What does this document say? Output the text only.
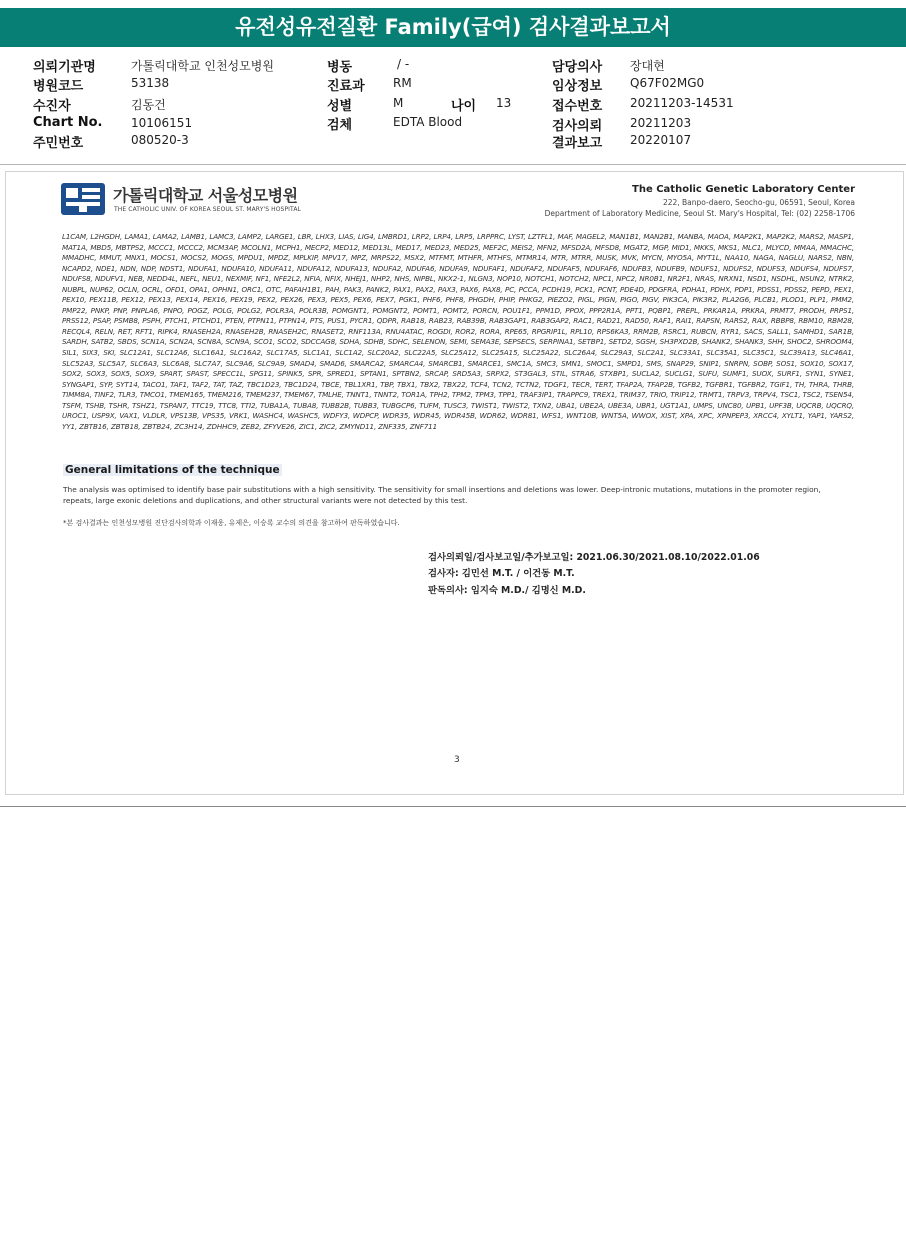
유전성유전질환 Family(급여) 검사결과보고서
의뢰기관명	가톨릭대학교 인천성모병원
병원코드	53138
수진자	김동건
Chart No. 10106151
주민번호	080520-3
병동	/ -
진료과 RM
성별	M	나이 13
검체	EDTA Blood
담당의사 장대현
임상정보 Q67F02MG0
접수번호 20211203-14531
검사의뢰 20211203
결과보고 20220107
가톨릭대학교 서울성모병원
THE CATHOLIC UNIV. OF KOREA SEOUL ST. MARY'S HOSPITAL
The Catholic Genetic Laboratory Center
222, Banpo-daero, Seocho-gu, 06591, Seoul, Korea
Department of Laboratory Medicine, Seoul St. Mary's Hospital, Tel: (02) 2258-1706

L1CAM, L2HGDH, LAMA1, LAMA2, LAMB1, LAMC3, LAMP2, LARGE1, LBR, LHX3, LIAS, LIG4, LMBRD1, LRP2, LRP4, LRP5, LRPPRC, LYST, LZTFL1, MAF, MAGEL2, MAN1B1, MAN2B1, MANBA, MAOA, MAP2K1, MAP2K2, MARS2, MASP1, MAT1A, MBD5, MBTPS2, MCCC1, MCCC2, MCM3AP, MCOLN1, MCPH1, MECP2, MED12, MED13L, MED17, MED23, MED25, MEF2C, MEIS2, MFN2, MFSD2A, MFSD8, MGAT2, MGP, MID1, MKKS, MKS1, MLC1, MLYCD, MMAA, MMACHC, MMADHC, MMUT, MNX1, MOCS1, MOCS2, MOGS, MPDU1, MPDZ, MPLKIP, MPV17, MPZ, MRPS22, MSX2, MTFMT, MTHFR, MTHFS, MTMR14, MTR, MTRR, MUSK, MVK, MYCN, MYO5A, MYT1L, NAA10, NAGA, NAGLU, NARS2, NBN, NCAPD2, NDE1, NDN, NDP, NDST1, NDUFA1, NDUFA10, NDUFA11, NDUFA12, NDUFA13, NDUFA2, NDUFA6, NDUFA9, NDUFAF1, NDUFAF2, NDUFAF5, NDUFAF6, NDUFB3, NDUFB9, NDUFS1, NDUFS2, NDUFS3, NDUFS4, NDUFS7, NDUFS8, NDUFV1, NEB, NEDD4L, NEFL, NEU1, NEXMIF, NF1, NFE2L2, NFIA, NFIX, NHEJ1, NHP2, NHS, NIPBL, NKX2-1, NLGN3, NOP10, NOTCH1, NOTCH2, NPC1, NPC2, NR0B1, NR2F1, NRAS, NRXN1, NSD1, NSDHL, NSUN2, NTRK2, NUBPL, NUP62, OCLN, OCRL, OFD1, OPA1, OPHN1, ORC1, OTC, PAFAH1B1, PAH, PAK3, PANK2, PAX1, PAX2, PAX3, PAX6, PAX8, PC, PCCA, PCDH19, PCK1, PCNT, PDE4D, PDGFRA, PDHA1, PDHX, PDP1, PDSS1, PDSS2, PEPD, PEX1, PEX10, PEX11B, PEX12, PEX13, PEX14, PEX16, PEX19, PEX2, PEX26, PEX3, PEX5, PEX6, PEX7, PGK1, PHF6, PHF8, PHGDH, PHIP, PHKG2, PIEZO2, PIGL, PIGN, PIGO, PIGV, PIK3CA, PIK3R2, PLA2G6, PLCB1, PLOD1, PLP1, PMM2, PMP22, PNKP, PNP, PNPLA6, PNPO, POGZ, POLG, POLG2, POLR3A, POLR3B, POMGNT1, POMGNT2, POMT1, POMT2, PORCN, POU1F1, PPM1D, PPOX, PPP2R1A, PPT1, PQBP1, PREPL, PRKAR1A, PRKRA, PRMT7, PRODH, PRPS1, PRSS12, PSAP, PSMB8, PSPH, PTCH1, PTCHD1, PTEN, PTPN11, PTPN14, PTS, PUS1, PYCR1, QDPR, RAB18, RAB23, RAB39B, RAB3GAP1, RAB3GAP2, RAC1, RAD21, RAD50, RAF1, RAI1, RAPSN, RARS2, RAX, RBBP8, RBM10, RBM28, RECQL4, RELN, RET, RFT1, RIPK4, RNASEH2A, RNASEH2B, RNASEH2C, RNASET2, RNF113A, RNU4ATAC, ROGDI, ROR2, RORA, RPE65, RPGRIP1L, RPL10, RPS6KA3, RRM2B, RSRC1, RUBCN, RYR1, SACS, SALL1, SAMHD1, SAR1B, SARDH, SATB2, SBDS, SCN1A, SCN2A, SCN8A, SCN9A, SCO1, SCO2, SDCCAG8, SDHA, SDHB, SDHC, SELENON, SEMI, SEMA3E, SEPSECS, SERPINA1, SETBP1, SETD2, SGSH, SH3PXD2B, SHANK2, SHANK3, SHH, SHOC2, SHROOM4, SIL1, SIX3, SKI, SLC12A1, SLC12A6, SLC16A1, SLC16A2, SLC17A5, SLC1A1, SLC1A2, SLC20A2, SLC22A5, SLC25A12, SLC25A15, SLC25A22, SLC26A4, SLC29A3, SLC2A1, SLC33A1, SLC35A1, SLC35C1, SLC39A13, SLC46A1, SLC52A3, SLC5A7, SLC6A3, SLC6A8, SLC7A7, SLC9A6, SLC9A9, SMAD4, SMAD6, SMARCA2, SMARCA4, SMARCB1, SMARCE1, SMC1A, SMC3, SMN1, SMOC1, SMPD1, SMS, SNAP29, SNIP1, SNRPN, SOBP, SOS1, SOX10, SOX17, SOX2, SOX3, SOX5, SOX9, SPART, SPAST, SPECC1L, SPG11, SPINK5, SPR, SPRED1, SPTAN1, SPTBN2, SRCAP, SRD5A3, SRPX2, ST3GAL3, STIL, STRA6, STXBP1, SUCLA2, SUCLG1, SUFU, SUMF1, SUOX, SURF1, SYN1, SYNE1, SYNGAP1, SYP, SYT14, TACO1, TAF1, TAF2, TAT, TAZ, TBC1D23, TBC1D24, TBCE, TBL1XR1, TBP, TBX1, TBX2, TBX22, TCF4, TCN2, TCTN2, TDGF1, TECR, TERT, TFAP2A, TFAP2B, TGFB2, TGFBR1, TGFBR2, TGIF1, TH, THRA, THRB, TIMM8A, TINF2, TLR3, TMCO1, TMEM165, TMEM216, TMEM237, TMEM67, TMLHE, TNNT1, TNNT2, TOR1A, TPH2, TPM2, TPM3, TPP1, TRAF3IP1, TRAPPC9, TREX1, TRIM37, TRIO, TRIP12, TRMT1, TRPV3, TRPV4, TSC1, TSC2, TSEN54, TSFM, TSHB, TSHR, TSHZ1, TSPAN7, TTC19, TTC8, TTI2, TUBA1A, TUBA8, TUBB2B, TUBB3, TUBGCP6, TUFM, TUSC3, TWIST1, TWIST2, TXN2, UBA1, UBE2A, UBE3A, UBR1, UGT1A1, UMPS, UNC80, UPB1, UPF3B, UQCRB, UQCRQ, UROC1, USP9X, VAX1, VLDLR, VPS13B, VPS35, VRK1, WASHC4, WASHC5, WDFY3, WDPCP, WDR35, WDR45, WDR45B, WDR62, WDR81, WFS1, WNT10B, WNT5A, WWOX, XIST, XPA, XPC, XPNPEP3, XRCC4, XYLT1, YAP1, YARS2, YY1, ZBTB16, ZBTB18, ZBTB24, ZC3H14, ZDHHC9, ZEB2, ZFYVE26, ZIC1, ZIC2, ZMYND11, ZNF335, ZNF711

General limitations of the technique

The analysis was optimised to identify base pair substitutions with a high sensitivity. The sensitivity for small insertions and deletions was lower. Deep-intronic mutations, mutations in the promoter region, repeats, large exonic deletions and duplications, and other structural variants were not detected by this test.

*본 검사결과는 인천성모병원 진단검사의학과 이재웅, 유제은, 이승록 교수의 의견을 참고하여 판독하였습니다.
검사의뢰일/검사보고일/추가보고일: 2021.06.30/2021.08.10/2022.01.06
검사자: 김민선 M.T. / 이건동 M.T.
판독의사: 임지숙 M.D./ 김명신 M.D.
3
